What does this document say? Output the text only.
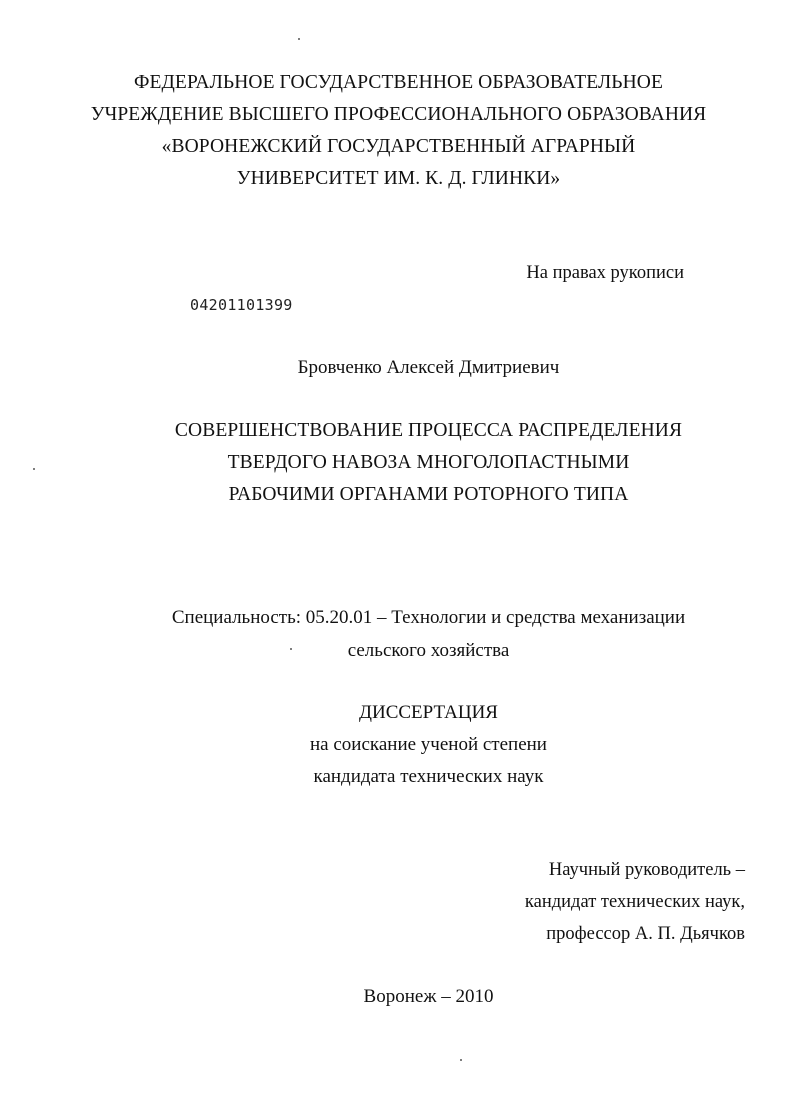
ФЕДЕРАЛЬНОЕ ГОСУДАРСТВЕННОЕ ОБРАЗОВАТЕЛЬНОЕ
УЧРЕЖДЕНИЕ ВЫСШЕГО ПРОФЕССИОНАЛЬНОГО ОБРАЗОВАНИЯ
«ВОРОНЕЖСКИЙ ГОСУДАРСТВЕННЫЙ АГРАРНЫЙ
УНИВЕРСИТЕТ ИМ. К. Д. ГЛИНКИ»
На правах рукописи
04201101399
Бровченко Алексей Дмитриевич
СОВЕРШЕНСТВОВАНИЕ ПРОЦЕССА РАСПРЕДЕЛЕНИЯ
ТВЕРДОГО НАВОЗА МНОГОЛОПАСТНЫМИ
РАБОЧИМИ ОРГАНАМИ РОТОРНОГО ТИПА
Специальность: 05.20.01 – Технологии и средства механизации
сельского хозяйства
ДИССЕРТАЦИЯ
на соискание ученой степени
кандидата технических наук
Научный руководитель –
кандидат технических наук,
профессор А. П. Дьячков
Воронеж – 2010
